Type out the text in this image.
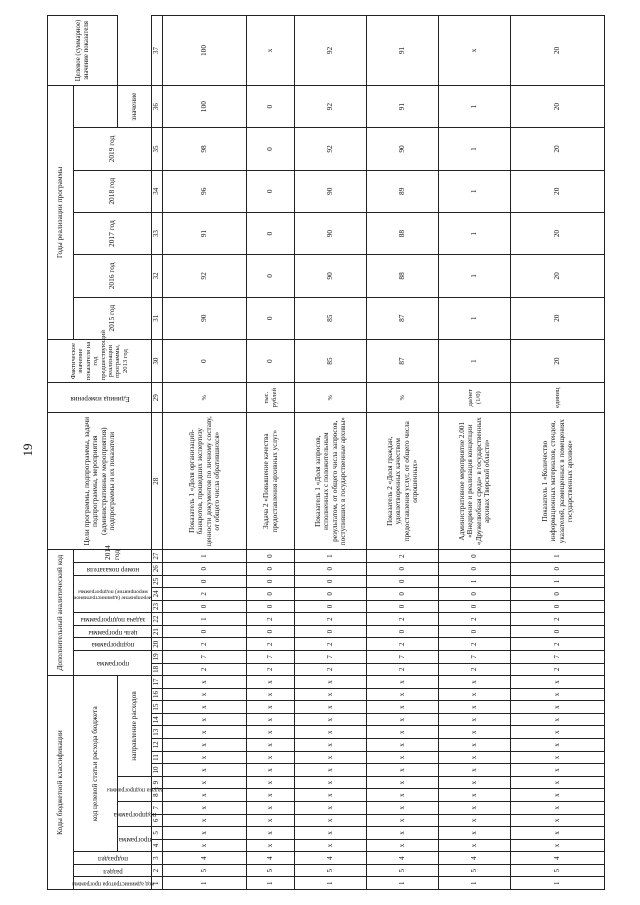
19
Коды бюджетной классификации																	Дополнительный аналитический код										Цели программы, подпрограммы, задачи подпрограммы, мероприятия (административные мероприятия) подпрограммы и их показатели	Единица измерения	Фактическое значение показателя на год предшествующий реализации программы, 2013 год	Годы реализации программы						Целевое (суммарное) значение показателя

код администратора программы	раздел	подраздел	код целевой статьи расхода бюджета														программа		подпрограмма	цель программы	задача подпрограммы	мероприятие (административное мероприятие) подпрограммы			номер показателя	2014 год				2015 год	2016 год	2017 год	2018 год	2019 год		

			программа		подпрограмма		задача подпрограммы		направление расходов																										значение	
1	2	3	4	5	6	7	8	9	10	11	12	13	14	15	16	17	18	19	20	21	22	23	24	25	26	27	28	29	30	31	32	33	34	35	36	37
1	5	4	x	x	x	x	x	x	x	x	x	x	x	x	x	x	2	7	2	0	1	0	2	0	0	1	Показатель 1 «Доля организаций-банкротов, прошедших экспертизу ценности документов по личному составу, от общего числа обратившихся»	%	0	90	92	91	96	98	100	100
1	5	4	x	x	x	x	x	x	x	x	x	x	x	x	x	x	2	7	2	0	2	0	0	0	0	0	Задача 2 «Повышение качества предоставления архивных услуг»	тыс. рублей	0	0	0	0	0	0	0	х
1	5	4	x	x	x	x	x	x	x	x	x	x	x	x	x	x	2	7	2	0	2	0	0	0	0	1	Показатель 1 «Доля запросов, исполненных с положительным результатом, от общего числа запросов, поступивших в государственные архивы»	%	85	85	90	90	90	92	92	92
1	5	4	x	x	x	x	x	x	x	x	x	x	x	x	x	x	2	7	2	0	2	0	0	0	0	2	Показатель 2 «Доля граждан, удовлетворенных качеством предоставления услуг, от общего числа опрошенных»	%	87	87	88	88	89	90	91	91
1	5	4	x	x	x	x	x	x	x	x	x	x	x	x	x	x	2	7	2	0	2	0	0	1	0	0	Административное мероприятие 2.001 «Внедрение и реализация концепции «Дружелюбная среда» в государственных архивах Тверской области»	да/нет (1/0)	1	1	1	1	1	1	1	х
1	5	4	x	x	x	x	x	x	x	x	x	x	x	x	x	x	2	7	2	0	2	0	0	1	0	1	Показатель 1 «Количество информационных материалов, стендов, указателей, размещенных в помещениях государственных архивов»	единиц	20	20	20	20	20	20	20	20
